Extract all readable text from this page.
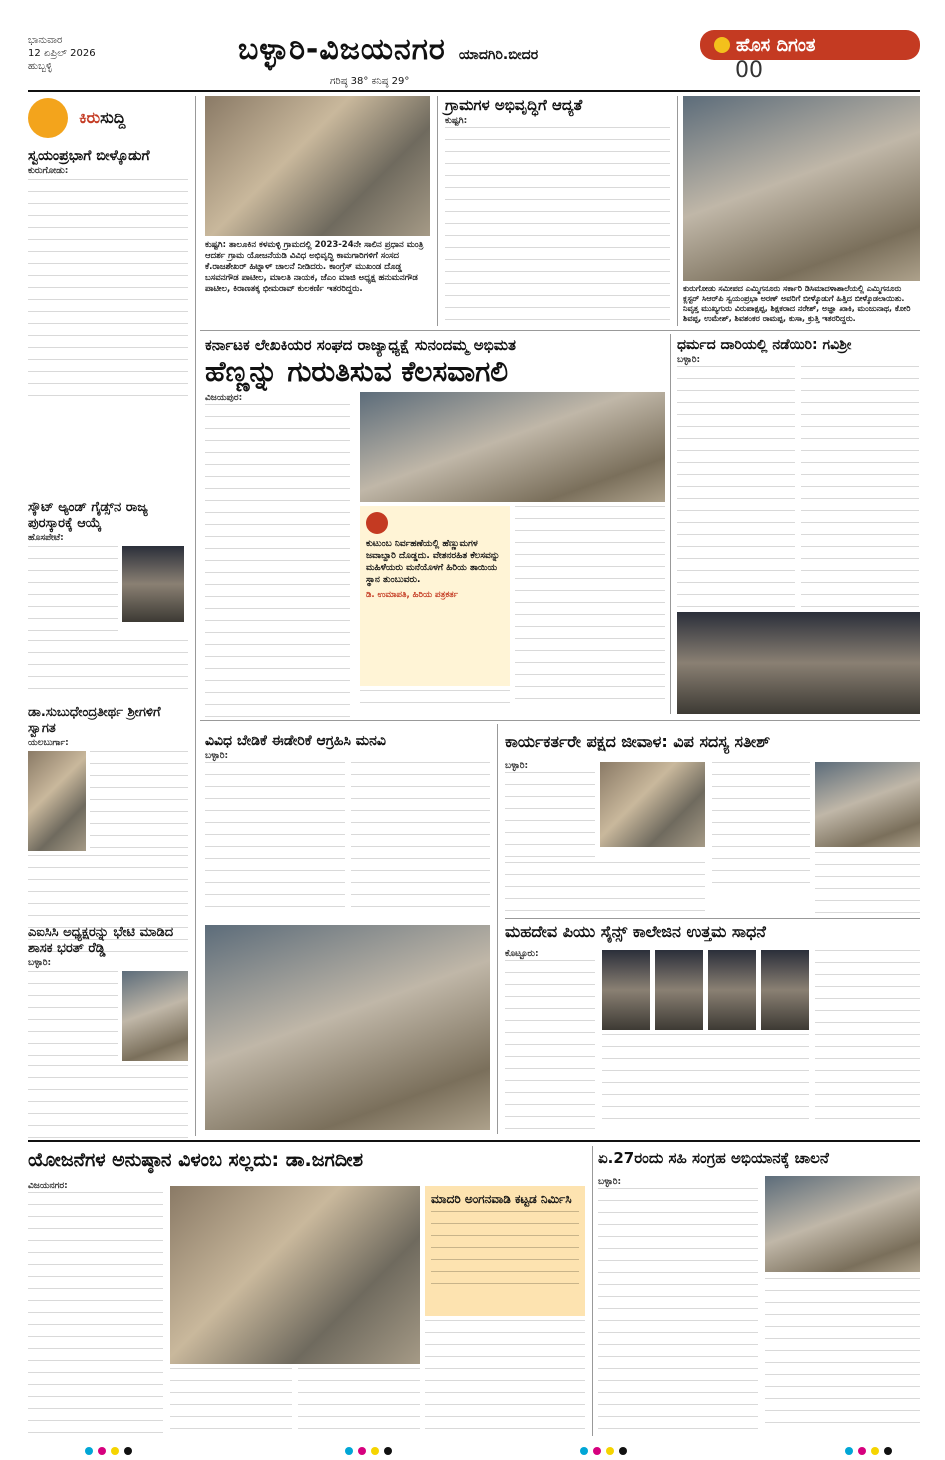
ಭಾನುವಾರ
12 ಏಪ್ರಿಲ್ 2026
ಹುಬ್ಬಳ್ಳಿ	ಬಳ್ಳಾರಿ-ವಿಜಯನಗರ ಯಾದಗಿರಿ.ಬೀದರ
ಗರಿಷ್ಠ 38° ಕನಿಷ್ಠ 29°
ಹೊಸ ದಿಗಂತ
00
ಕಿರುಸುದ್ದಿ
ಸ್ವಯಂಪ್ರಭಾಗೆ ಬೀಳ್ಕೊಡುಗೆ
ಕುರುಗೋಡು:
ಸ್ಕೌಟ್ ಅ್ಯಂಡ್ ಗೈಡ್ಸ್‌ನ ರಾಜ್ಯ ಪುರಸ್ಕಾರಕ್ಕೆ ಆಯ್ಕೆ
ಹೊಸಪೇಟೆ:
ಡಾ.ಸುಬುಧೇಂದ್ರತೀರ್ಥ ಶ್ರೀಗಳಿಗೆ ಸ್ವಾಗತ
ಯಲಬುರ್ಗಾ:
ಎಐಸಿಸಿ ಅಧ್ಯಕ್ಷರನ್ನು ಭೇಟಿ ಮಾಡಿದ ಶಾಸಕ ಭರತ್ ರೆಡ್ಡಿ
ಬಳ್ಳಾರಿ:
ಕುಷ್ಟಗಿ: ತಾಲೂಕಿನ ಕಳಮಳ್ಳಿ ಗ್ರಾಮದಲ್ಲಿ 2023-24ನೇ ಸಾಲಿನ ಪ್ರಧಾನ ಮಂತ್ರಿ ಆದರ್ಶ ಗ್ರಾಮ ಯೋಜನೆಯಡಿ ವಿವಿಧ ಅಭಿವೃದ್ಧಿ ಕಾಮಗಾರಿಗಳಿಗೆ ಸಂಸದ ಕೆ.ರಾಜಶೇಖರ್ ಹಿಟ್ನಾಳ್ ಚಾಲನೆ ನೀಡಿದರು. ಕಾಂಗ್ರೆಸ್ ಮುಖಂಡ ದೊಡ್ಡ ಬಸವನಗೌಡ ಪಾಟೀಲ, ಮಾಲತಿ ನಾಯಕ, ಜೆಎಂ ಮಾಜಿ ಅಧ್ಯಕ್ಷ ಹನುಮನಗೌಡ ಪಾಟೀಲ, ಕಿರಾಣತಕ್ಕ ಭೀಮರಾವ್ ಕುಲಕರ್ಣಿ ಇತರರಿದ್ದರು.
ಗ್ರಾಮಗಳ ಅಭಿವೃದ್ಧಿಗೆ ಆದ್ಯತೆ
ಕುಷ್ಟಗಿ:
ಕುರುಗೋಡು ಸಮೀಪದ ಎಮ್ಮಿಗನೂರು ಸರ್ಕಾರಿ ಡಿಸಿಮಾದಳಾಶಾಲೆಯಲ್ಲಿ ಎಮ್ಮಿಗನೂರು ಕ್ಲಸ್ಟರ್ ಸಿಆರ್‌ಪಿ ಸ್ವಯಂಪ್ರಭಾ ಅರಣ್ ಅವರಿಗೆ ಬೀಳ್ಕೊಡುಗೆ ಹಿತ್ತಿದ ಬೀಳ್ಕೊಡಲಾಯಿತು. ನಿವೃತ್ತ ಮುಖ್ಯಗುರು ವಿರುಪಾಕ್ಷಪ್ಪ, ಶಿಕ್ಷಕರಾದ ನರೇಶ್, ಅಜ್ಞಾ ಖಾಕಿ, ಮಂಜುನಾಥ, ಕೋರಿ ಶಿವಪ್ಪ, ಉಮೇಶ್, ಶಿವಶಂಕರ ರಾಮಪ್ಪ, ಕುಸಾ, ಕ್ರುತ್ತಿ ಇತರರಿದ್ದರು.
ಕರ್ನಾಟಕ ಲೇಖಕಿಯರ ಸಂಘದ ರಾಜ್ಯಾಧ್ಯಕ್ಷೆ ಸುನಂದಮ್ಮ ಅಭಿಮತ
ಹೆಣ್ಣನ್ನು ಗುರುತಿಸುವ ಕೆಲಸವಾಗಲಿ
ವಿಜಯಪುರ:
ಕುಟುಂಬ ನಿರ್ವಹಣೆಯಲ್ಲಿ ಹೆಣ್ಣುಮಗಳ ಜವಾಬ್ದಾರಿ ದೊಡ್ಡದು. ವೇತನರಹಿತ ಕೆಲಸವನ್ನು ಮಹಿಳೆಯರು ಮನೆಯೊಳಗೆ ಹಿರಿಯ ತಾಯಿಯ ಸ್ಥಾನ ತುಂಬುವರು.
ಡಿ. ಉಮಾಪತಿ, ಹಿರಿಯ ಪತ್ರಕರ್ತ
ಧರ್ಮದ ದಾರಿಯಲ್ಲಿ ನಡೆಯಿರಿ: ಗವಿಶ್ರೀ
ಬಳ್ಳಾರಿ:
ವಿವಿಧ ಬೇಡಿಕೆ ಈಡೇರಿಕೆ ಆಗ್ರಹಿಸಿ ಮನವಿ
ಬಳ್ಳಾರಿ:
ಕಾರ್ಯಕರ್ತರೇ ಪಕ್ಷದ ಜೀವಾಳ: ವಿಪ ಸದಸ್ಯ ಸತೀಶ್
ಬಳ್ಳಾರಿ:
ಮಹದೇವ ಪಿಯು ಸೈನ್ಸ್ ಕಾಲೇಜಿನ ಉತ್ತಮ ಸಾಧನೆ
ಕೊಟ್ಟೂರು:
ಯೋಜನೆಗಳ ಅನುಷ್ಠಾನ ವಿಳಂಬ ಸಲ್ಲದು: ಡಾ.ಜಗದೀಶ
ವಿಜಯನಗರ:
ಮಾದರಿ ಅಂಗನವಾಡಿ ಕಟ್ಟಡ ನಿರ್ಮಿಸಿ
ಏ.27ರಂದು ಸಹಿ ಸಂಗ್ರಹ ಅಭಿಯಾನಕ್ಕೆ ಚಾಲನೆ
ಬಳ್ಳಾರಿ:
